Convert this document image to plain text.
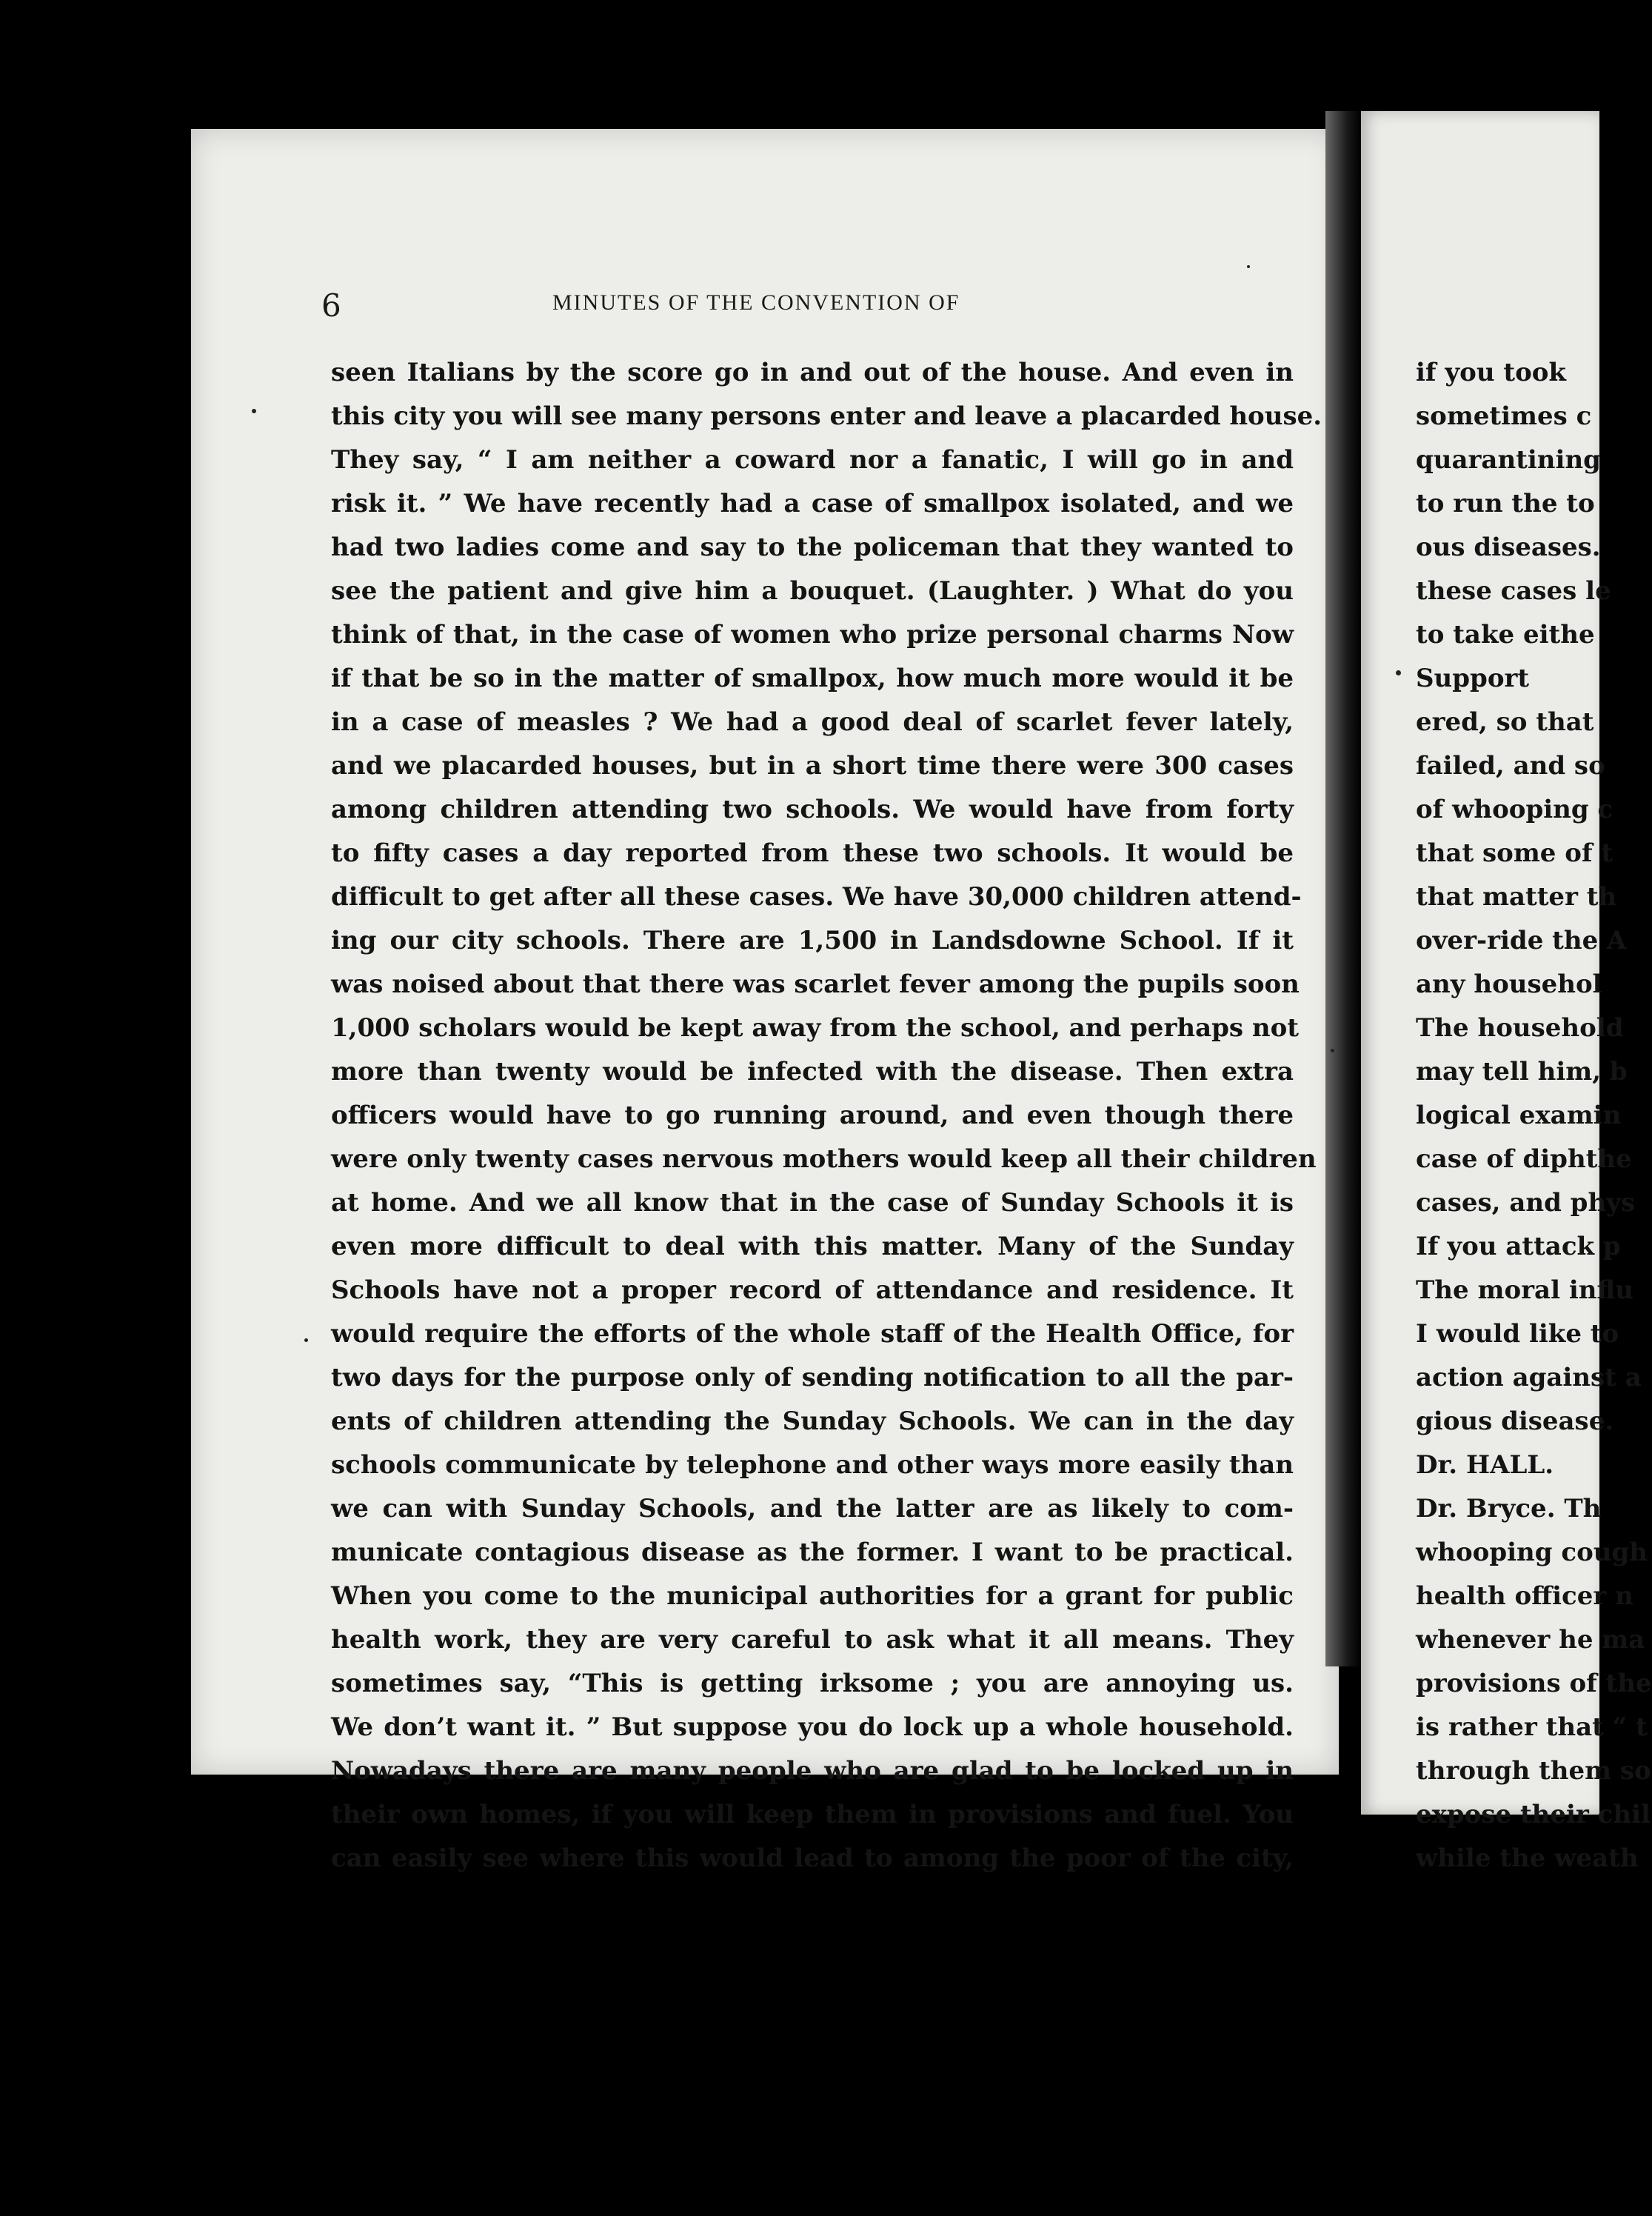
6	MINUTES OF THE CONVENTION OF
seen Italians by the score go in and out of the house. And even in
this city you will see many persons enter and leave a placarded house.
They say, “ I am neither a coward nor a fanatic, I will go in and
risk it. ” We have recently had a case of smallpox isolated, and we
had two ladies come and say to the policeman that they wanted to
see the patient and give him a bouquet. (Laughter. ) What do you
think of that, in the case of women who prize personal charms Now
if that be so in the matter of smallpox, how much more would it be
in a case of measles ? We had a good deal of scarlet fever lately,
and we placarded houses, but in a short time there were 300 cases
among children attending two schools. We would have from forty
to fifty cases a day reported from these two schools. It would be
difficult to get after all these cases. We have 30,000 children attend-
ing our city schools. There are 1,500 in Landsdowne School. If it
was noised about that there was scarlet fever among the pupils soon
1,000 scholars would be kept away from the school, and perhaps not
more than twenty would be infected with the disease. Then extra
officers would have to go running around, and even though there
were only twenty cases nervous mothers would keep all their children
at home. And we all know that in the case of Sunday Schools it is
even more difficult to deal with this matter. Many of the Sunday
Schools have not a proper record of attendance and residence. It
would require the efforts of the whole staff of the Health Office, for
two days for the purpose only of sending notification to all the par-
ents of children attending the Sunday Schools. We can in the day
schools communicate by telephone and other ways more easily than
we can with Sunday Schools, and the latter are as likely to com-
municate contagious disease as the former. I want to be practical.
When you come to the municipal authorities for a grant for public
health work, they are very careful to ask what it all means. They
sometimes say, “This is getting irksome ; you are annoying us.
We don’t want it. ” But suppose you do lock up a whole household.
Nowadays there are many people who are glad to be locked up in
their own homes, if you will keep them in provisions and fuel. You
can easily see where this would lead to among the poor of the city,
if you took
sometimes c
quarantining
to run the to
ous diseases.
these cases le
to take eithe
Support
ered, so that
failed, and so
of whooping c
that some of t
that matter th
over-ride the A
any househol
The household
may tell him, b
logical examin
case of diphthe
cases, and phys
If you attack p
The moral influ
I would like to
action against a
gious disease.
Dr. HALL.
Dr. Bryce. Th
whooping cough
health officer n
whenever he ma
provisions of the
is rather that “ t
through them so
expose their chil
while the weath
